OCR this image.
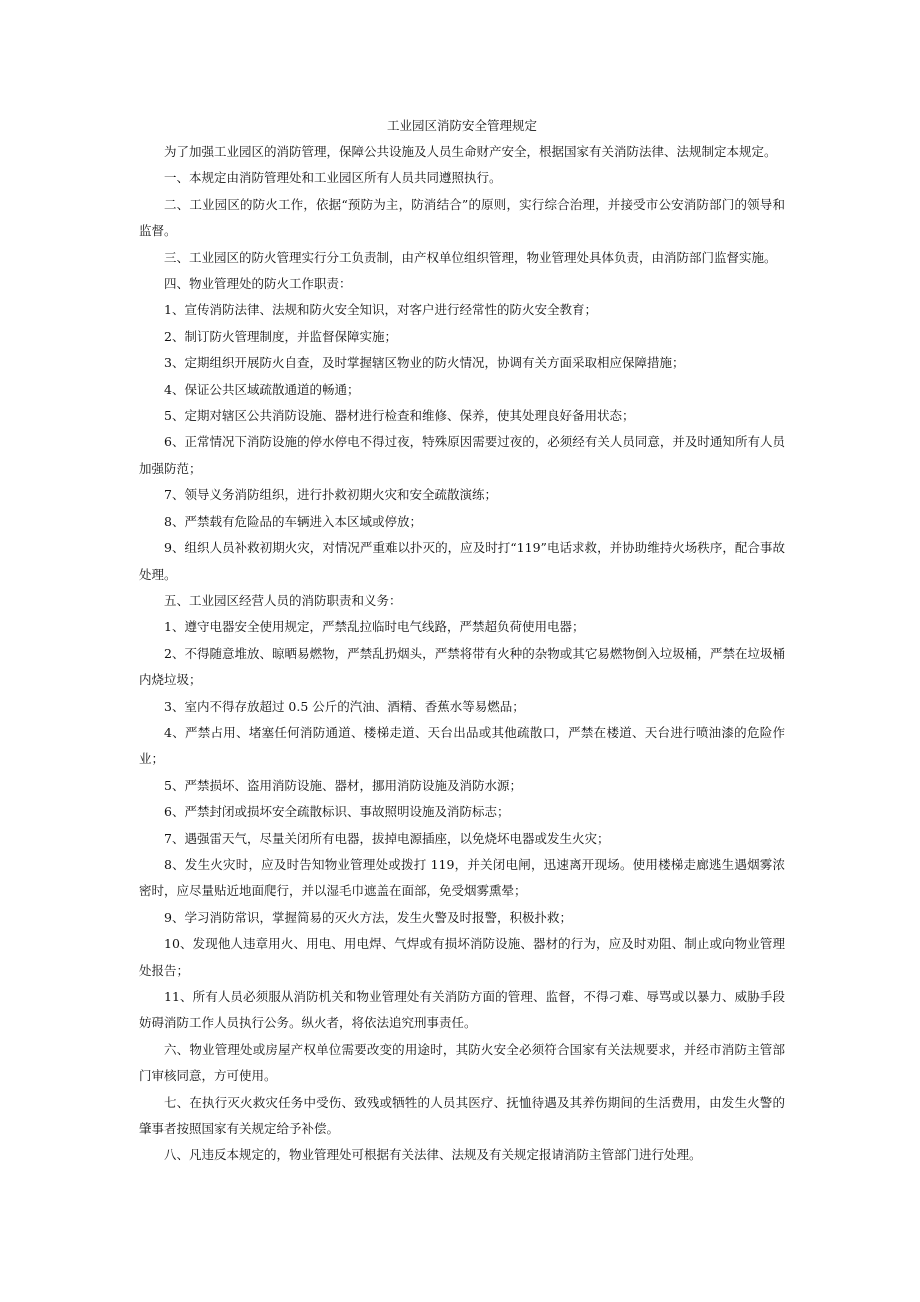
工业园区消防安全管理规定

为了加强工业园区的消防管理，保障公共设施及人员生命财产安全，根据国家有关消防法律、法规制定本规定。

一、本规定由消防管理处和工业园区所有人员共同遵照执行。

二、工业园区的防火工作，依据“预防为主，防消结合”的原则，实行综合治理，并接受市公安消防部门的领导和监督。

三、工业园区的防火管理实行分工负责制，由产权单位组织管理，物业管理处具体负责，由消防部门监督实施。

四、物业管理处的防火工作职责：

1、宣传消防法律、法规和防火安全知识，对客户进行经常性的防火安全教育；

2、制订防火管理制度，并监督保障实施；

3、定期组织开展防火自查，及时掌握辖区物业的防火情况，协调有关方面采取相应保障措施；

4、保证公共区域疏散通道的畅通；

5、定期对辖区公共消防设施、器材进行检查和维修、保养，使其处理良好备用状态；

6、正常情况下消防设施的停水停电不得过夜，特殊原因需要过夜的，必须经有关人员同意，并及时通知所有人员加强防范；

7、领导义务消防组织，进行扑救初期火灾和安全疏散演练；

8、严禁载有危险品的车辆进入本区域或停放；

9、组织人员补救初期火灾，对情况严重难以扑灭的，应及时打“119”电话求救，并协助维持火场秩序，配合事故处理。

五、工业园区经营人员的消防职责和义务：

1、遵守电器安全使用规定，严禁乱拉临时电气线路，严禁超负荷使用电器；

2、不得随意堆放、晾晒易燃物，严禁乱扔烟头，严禁将带有火种的杂物或其它易燃物倒入垃圾桶，严禁在垃圾桶内烧垃圾；

3、室内不得存放超过 0.5 公斤的汽油、酒精、香蕉水等易燃品；

4、严禁占用、堵塞任何消防通道、楼梯走道、天台出品或其他疏散口，严禁在楼道、天台进行喷油漆的危险作业；

5、严禁损坏、盗用消防设施、器材，挪用消防设施及消防水源；

6、严禁封闭或损坏安全疏散标识、事故照明设施及消防标志；

7、遇强雷天气，尽量关闭所有电器，拔掉电源插座，以免烧坏电器或发生火灾；

8、发生火灾时，应及时告知物业管理处或拨打 119，并关闭电闸，迅速离开现场。使用楼梯走廊逃生遇烟雾浓密时，应尽量贴近地面爬行，并以湿毛巾遮盖在面部，免受烟雾熏晕；

9、学习消防常识，掌握简易的灭火方法，发生火警及时报警，积极扑救；

10、发现他人违章用火、用电、用电焊、气焊或有损坏消防设施、器材的行为，应及时劝阻、制止或向物业管理处报告；

11、所有人员必须服从消防机关和物业管理处有关消防方面的管理、监督，不得刁难、辱骂或以暴力、威胁手段妨碍消防工作人员执行公务。纵火者，将依法追究刑事责任。

六、物业管理处或房屋产权单位需要改变的用途时，其防火安全必须符合国家有关法规要求，并经市消防主管部门审核同意，方可使用。

七、在执行灭火救灾任务中受伤、致残或牺牲的人员其医疗、抚恤待遇及其养伤期间的生活费用，由发生火警的肇事者按照国家有关规定给予补偿。

八、凡违反本规定的，物业管理处可根据有关法律、法规及有关规定报请消防主管部门进行处理。
